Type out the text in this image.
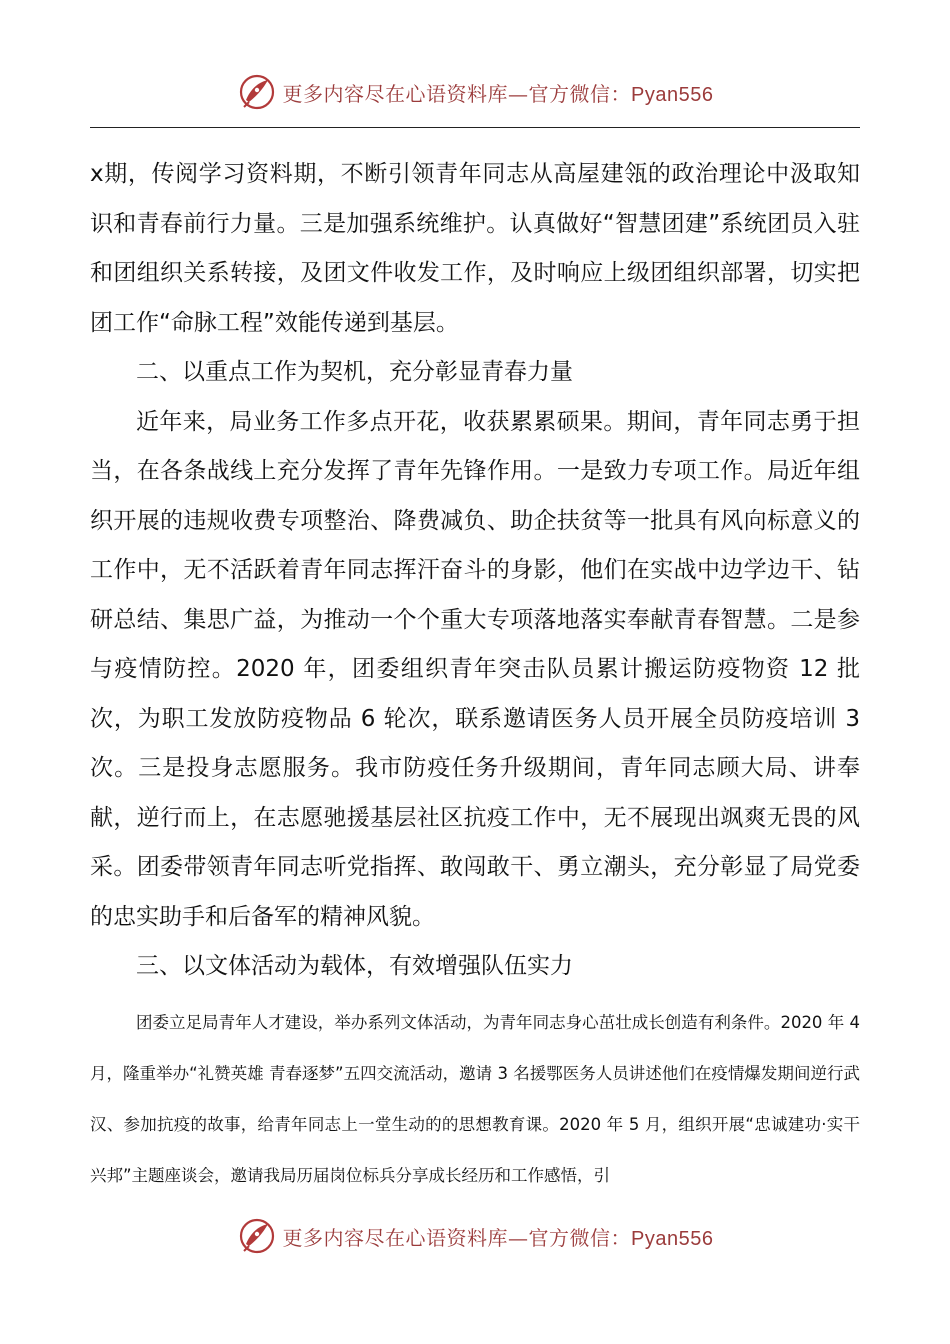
更多内容尽在心语资料库—官方微信：Pyan556

x期，传阅学习资料期，不断引领青年同志从高屋建瓴的政治理论中汲取知识和青春前行力量。三是加强系统维护。认真做好“智慧团建”系统团员入驻和团组织关系转接，及团文件收发工作，及时响应上级团组织部署，切实把团工作“命脉工程”效能传递到基层。

二、以重点工作为契机，充分彰显青春力量

近年来，局业务工作多点开花，收获累累硕果。期间，青年同志勇于担当，在各条战线上充分发挥了青年先锋作用。一是致力专项工作。局近年组织开展的违规收费专项整治、降费减负、助企扶贫等一批具有风向标意义的工作中，无不活跃着青年同志挥汗奋斗的身影，他们在实战中边学边干、钻研总结、集思广益，为推动一个个重大专项落地落实奉献青春智慧。二是参与疫情防控。2020 年，团委组织青年突击队员累计搬运防疫物资 12 批次，为职工发放防疫物品 6 轮次，联系邀请医务人员开展全员防疫培训 3 次。三是投身志愿服务。我市防疫任务升级期间，青年同志顾大局、讲奉献，逆行而上，在志愿驰援基层社区抗疫工作中，无不展现出飒爽无畏的风采。团委带领青年同志听党指挥、敢闯敢干、勇立潮头，充分彰显了局党委的忠实助手和后备军的精神风貌。

三、以文体活动为载体，有效增强队伍实力

团委立足局青年人才建设，举办系列文体活动，为青年同志身心茁壮成长创造有利条件。2020 年 4 月，隆重举办“礼赞英雄 青春逐梦”五四交流活动，邀请 3 名援鄂医务人员讲述他们在疫情爆发期间逆行武汉、参加抗疫的故事，给青年同志上一堂生动的的思想教育课。2020 年 5 月，组织开展“忠诚建功·实干兴邦”主题座谈会，邀请我局历届岗位标兵分享成长经历和工作感悟，引

更多内容尽在心语资料库—官方微信：Pyan556
